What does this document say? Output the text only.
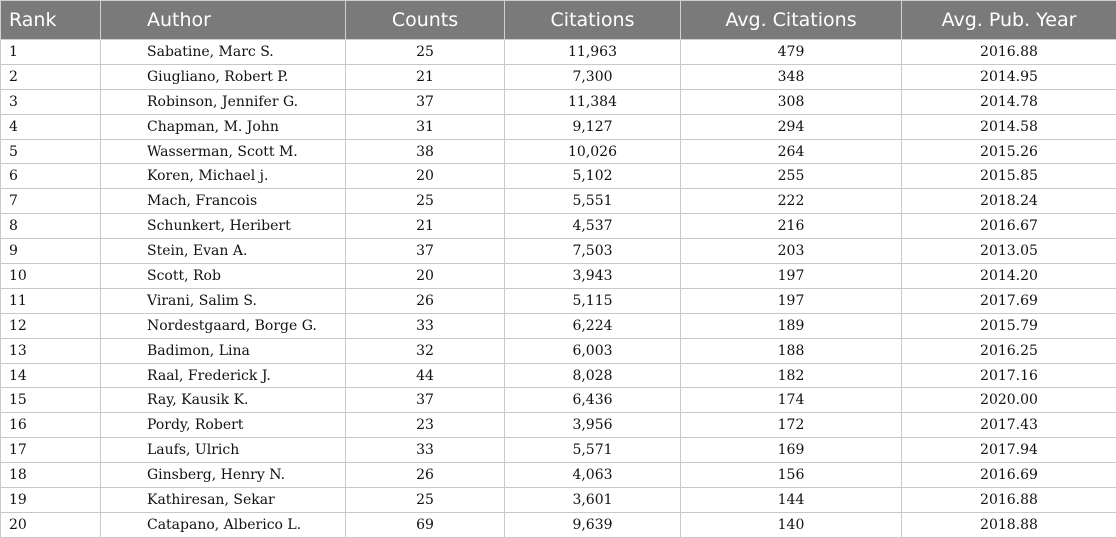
Rank	Author	Counts	Citations	Avg. Citations	Avg. Pub. Year
1	Sabatine, Marc S.	25	11,963	479	2016.88
2	Giugliano, Robert P.	21	7,300	348	2014.95
3	Robinson, Jennifer G.	37	11,384	308	2014.78
4	Chapman, M. John	31	9,127	294	2014.58
5	Wasserman, Scott M.	38	10,026	264	2015.26
6	Koren, Michael j.	20	5,102	255	2015.85
7	Mach, Francois	25	5,551	222	2018.24
8	Schunkert, Heribert	21	4,537	216	2016.67
9	Stein, Evan A.	37	7,503	203	2013.05
10	Scott, Rob	20	3,943	197	2014.20
11	Virani, Salim S.	26	5,115	197	2017.69
12	Nordestgaard, Borge G.	33	6,224	189	2015.79
13	Badimon, Lina	32	6,003	188	2016.25
14	Raal, Frederick J.	44	8,028	182	2017.16
15	Ray, Kausik K.	37	6,436	174	2020.00
16	Pordy, Robert	23	3,956	172	2017.43
17	Laufs, Ulrich	33	5,571	169	2017.94
18	Ginsberg, Henry N.	26	4,063	156	2016.69
19	Kathiresan, Sekar	25	3,601	144	2016.88
20	Catapano, Alberico L.	69	9,639	140	2018.88
